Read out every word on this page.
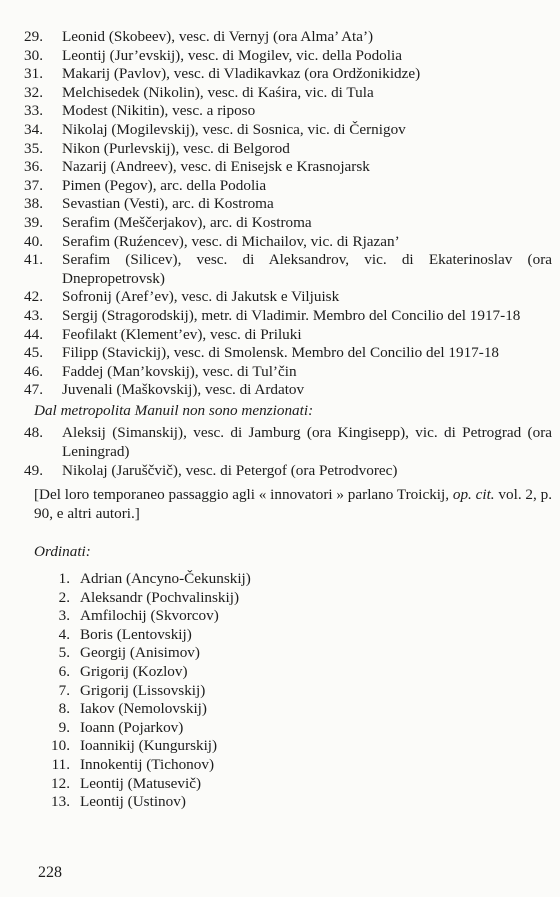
29.	Leonid (Skobeev), vesc. di Vernyj (ora Alma’ Ata’)
30.	Leontij (Jur’evskij), vesc. di Mogilev, vic. della Podolia
31.	Makarij (Pavlov), vesc. di Vladikavkaz (ora Ordžonikidze)
32.	Melchisedek (Nikolin), vesc. di Kaśira, vic. di Tula
33.	Modest (Nikitin), vesc. a riposo
34.	Nikolaj (Mogilevskij), vesc. di Sosnica, vic. di Černigov
35.	Nikon (Purlevskij), vesc. di Belgorod
36.	Nazarij (Andreev), vesc. di Enisejsk e Krasnojarsk
37.	Pimen (Pegov), arc. della Podolia
38.	Sevastian (Vesti), arc. di Kostroma
39.	Serafim (Meščerjakov), arc. di Kostroma
40.	Serafim (Ruźencev), vesc. di Michailov, vic. di Rjazan’
41.	Serafim (Silicev), vesc. di Aleksandrov, vic. di Ekaterinoslav (ora Dnepropetrovsk)
42.	Sofronij (Aref’ev), vesc. di Jakutsk e Viljuisk
43.	Sergij (Stragorodskij), metr. di Vladimir. Membro del Concilio del 1917-18
44.	Feofilakt (Klement’ev), vesc. di Priluki
45.	Filipp (Stavickij), vesc. di Smolensk. Membro del Concilio del 1917-18
46.	Faddej (Man’kovskij), vesc. di Tul’čin
47.	Juvenali (Maškovskij), vesc. di Ardatov
Dal metropolita Manuil non sono menzionati:
48.	Aleksij (Simanskij), vesc. di Jamburg (ora Kingisepp), vic. di Petrograd (ora Leningrad)
49.	Nikolaj (Jaruščvič), vesc. di Petergof (ora Petrodvorec)
[Del loro temporaneo passaggio agli « innovatori » parlano Troickij, op. cit. vol. 2, p. 90, e altri autori.]
Ordinati:
1. Adrian (Ancyno-Čekunskij)
2. Aleksandr (Pochvalinskij)
3. Amfilochij (Skvorcov)
4. Boris (Lentovskij)
5. Georgij (Anisimov)
6. Grigorij (Kozlov)
7. Grigorij (Lissovskij)
8. Iakov (Nemolovskij)
9. Ioann (Pojarkov)
10. Ioannikij (Kungurskij)
11. Innokentij (Tichonov)
12. Leontij (Matusevič)
13. Leontij (Ustinov)
228
